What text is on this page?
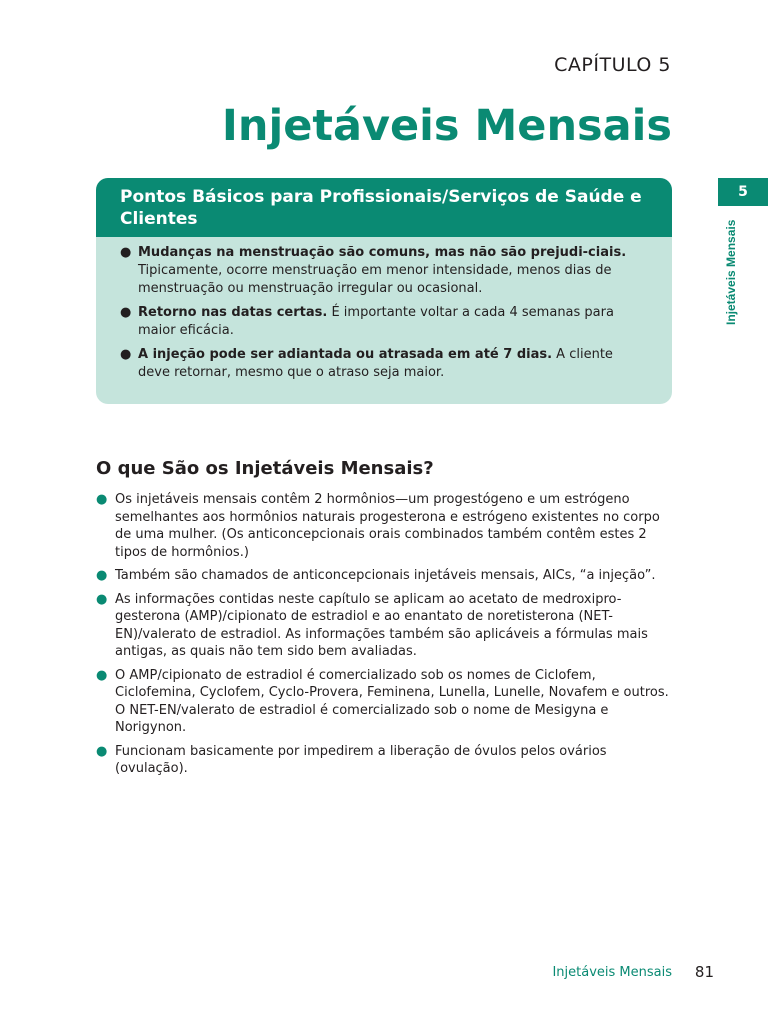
CAPÍTULO 5
Injetáveis Mensais
5
Injetáveis Mensais
Pontos Básicos para Profissionais/Serviços de Saúde e Clientes
● Mudanças na menstruação são comuns, mas não são prejudi-ciais. Tipicamente, ocorre menstruação em menor intensidade, menos dias de menstruação ou menstruação irregular ou ocasional.
● Retorno nas datas certas. É importante voltar a cada 4 semanas para maior eficácia.
● A injeção pode ser adiantada ou atrasada em até 7 dias. A cliente deve retornar, mesmo que o atraso seja maior.
O que São os Injetáveis Mensais?
● Os injetáveis mensais contêm 2 hormônios—um progestógeno e um estrógeno semelhantes aos hormônios naturais progesterona e estrógeno existentes no corpo de uma mulher. (Os anticoncepcionais orais combinados também contêm estes 2 tipos de hormônios.)
● Também são chamados de anticoncepcionais injetáveis mensais, AICs, “a injeção”.
● As informações contidas neste capítulo se aplicam ao acetato de medroxipro-gesterona (AMP)/cipionato de estradiol e ao enantato de noretisterona (NET-EN)/valerato de estradiol. As informações também são aplicáveis a fórmulas mais antigas, as quais não tem sido bem avaliadas.
● O AMP/cipionato de estradiol é comercializado sob os nomes de Ciclofem, Ciclofemina, Cyclofem, Cyclo-Provera, Feminena, Lunella, Lunelle, Novafem e outros. O NET-EN/valerato de estradiol é comercializado sob o nome de Mesigyna e Norigynon.
● Funcionam basicamente por impedirem a liberação de óvulos pelos ovários (ovulação).
Injetáveis Mensais 81
